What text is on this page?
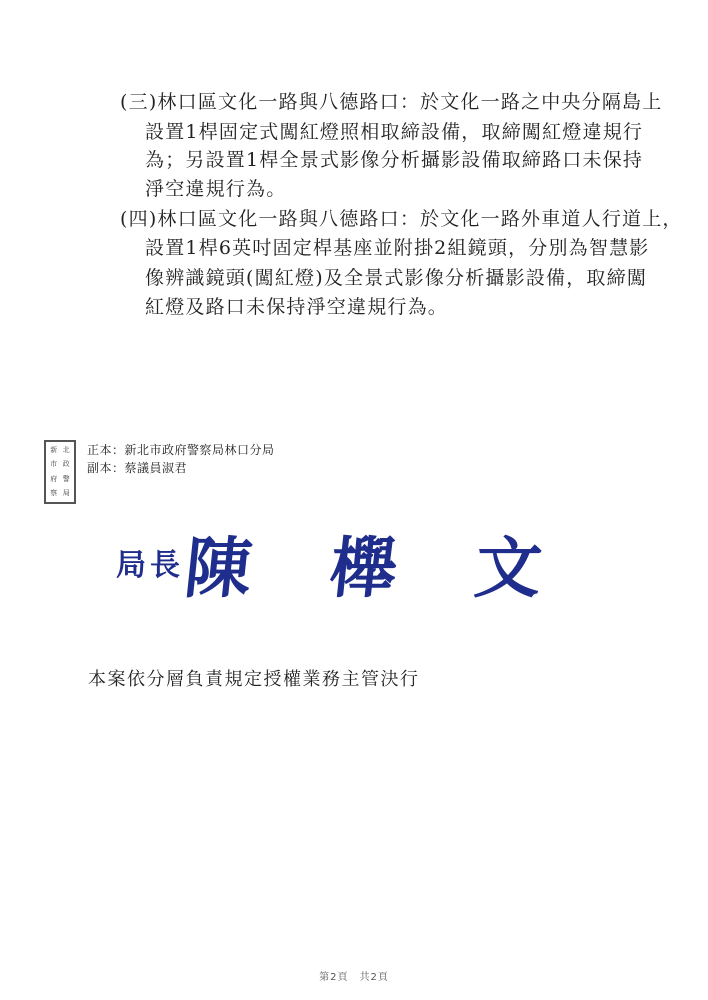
(三)林口區文化一路與八德路口：於文化一路之中央分隔島上
設置1桿固定式闖紅燈照相取締設備，取締闖紅燈違規行
為；另設置1桿全景式影像分析攝影設備取締路口未保持
淨空違規行為。
(四)林口區文化一路與八德路口：於文化一路外車道人行道上，
設置1桿6英吋固定桿基座並附掛2組鏡頭，分別為智慧影
像辨識鏡頭(闖紅燈)及全景式影像分析攝影設備，取締闖
紅燈及路口未保持淨空違規行為。
新 北
市 政
府 警
察 局
正本：新北市政府警察局林口分局
副本：蔡議員淑君
局長
陳 櫸 文
本案依分層負責規定授權業務主管決行
第2頁　共2頁
